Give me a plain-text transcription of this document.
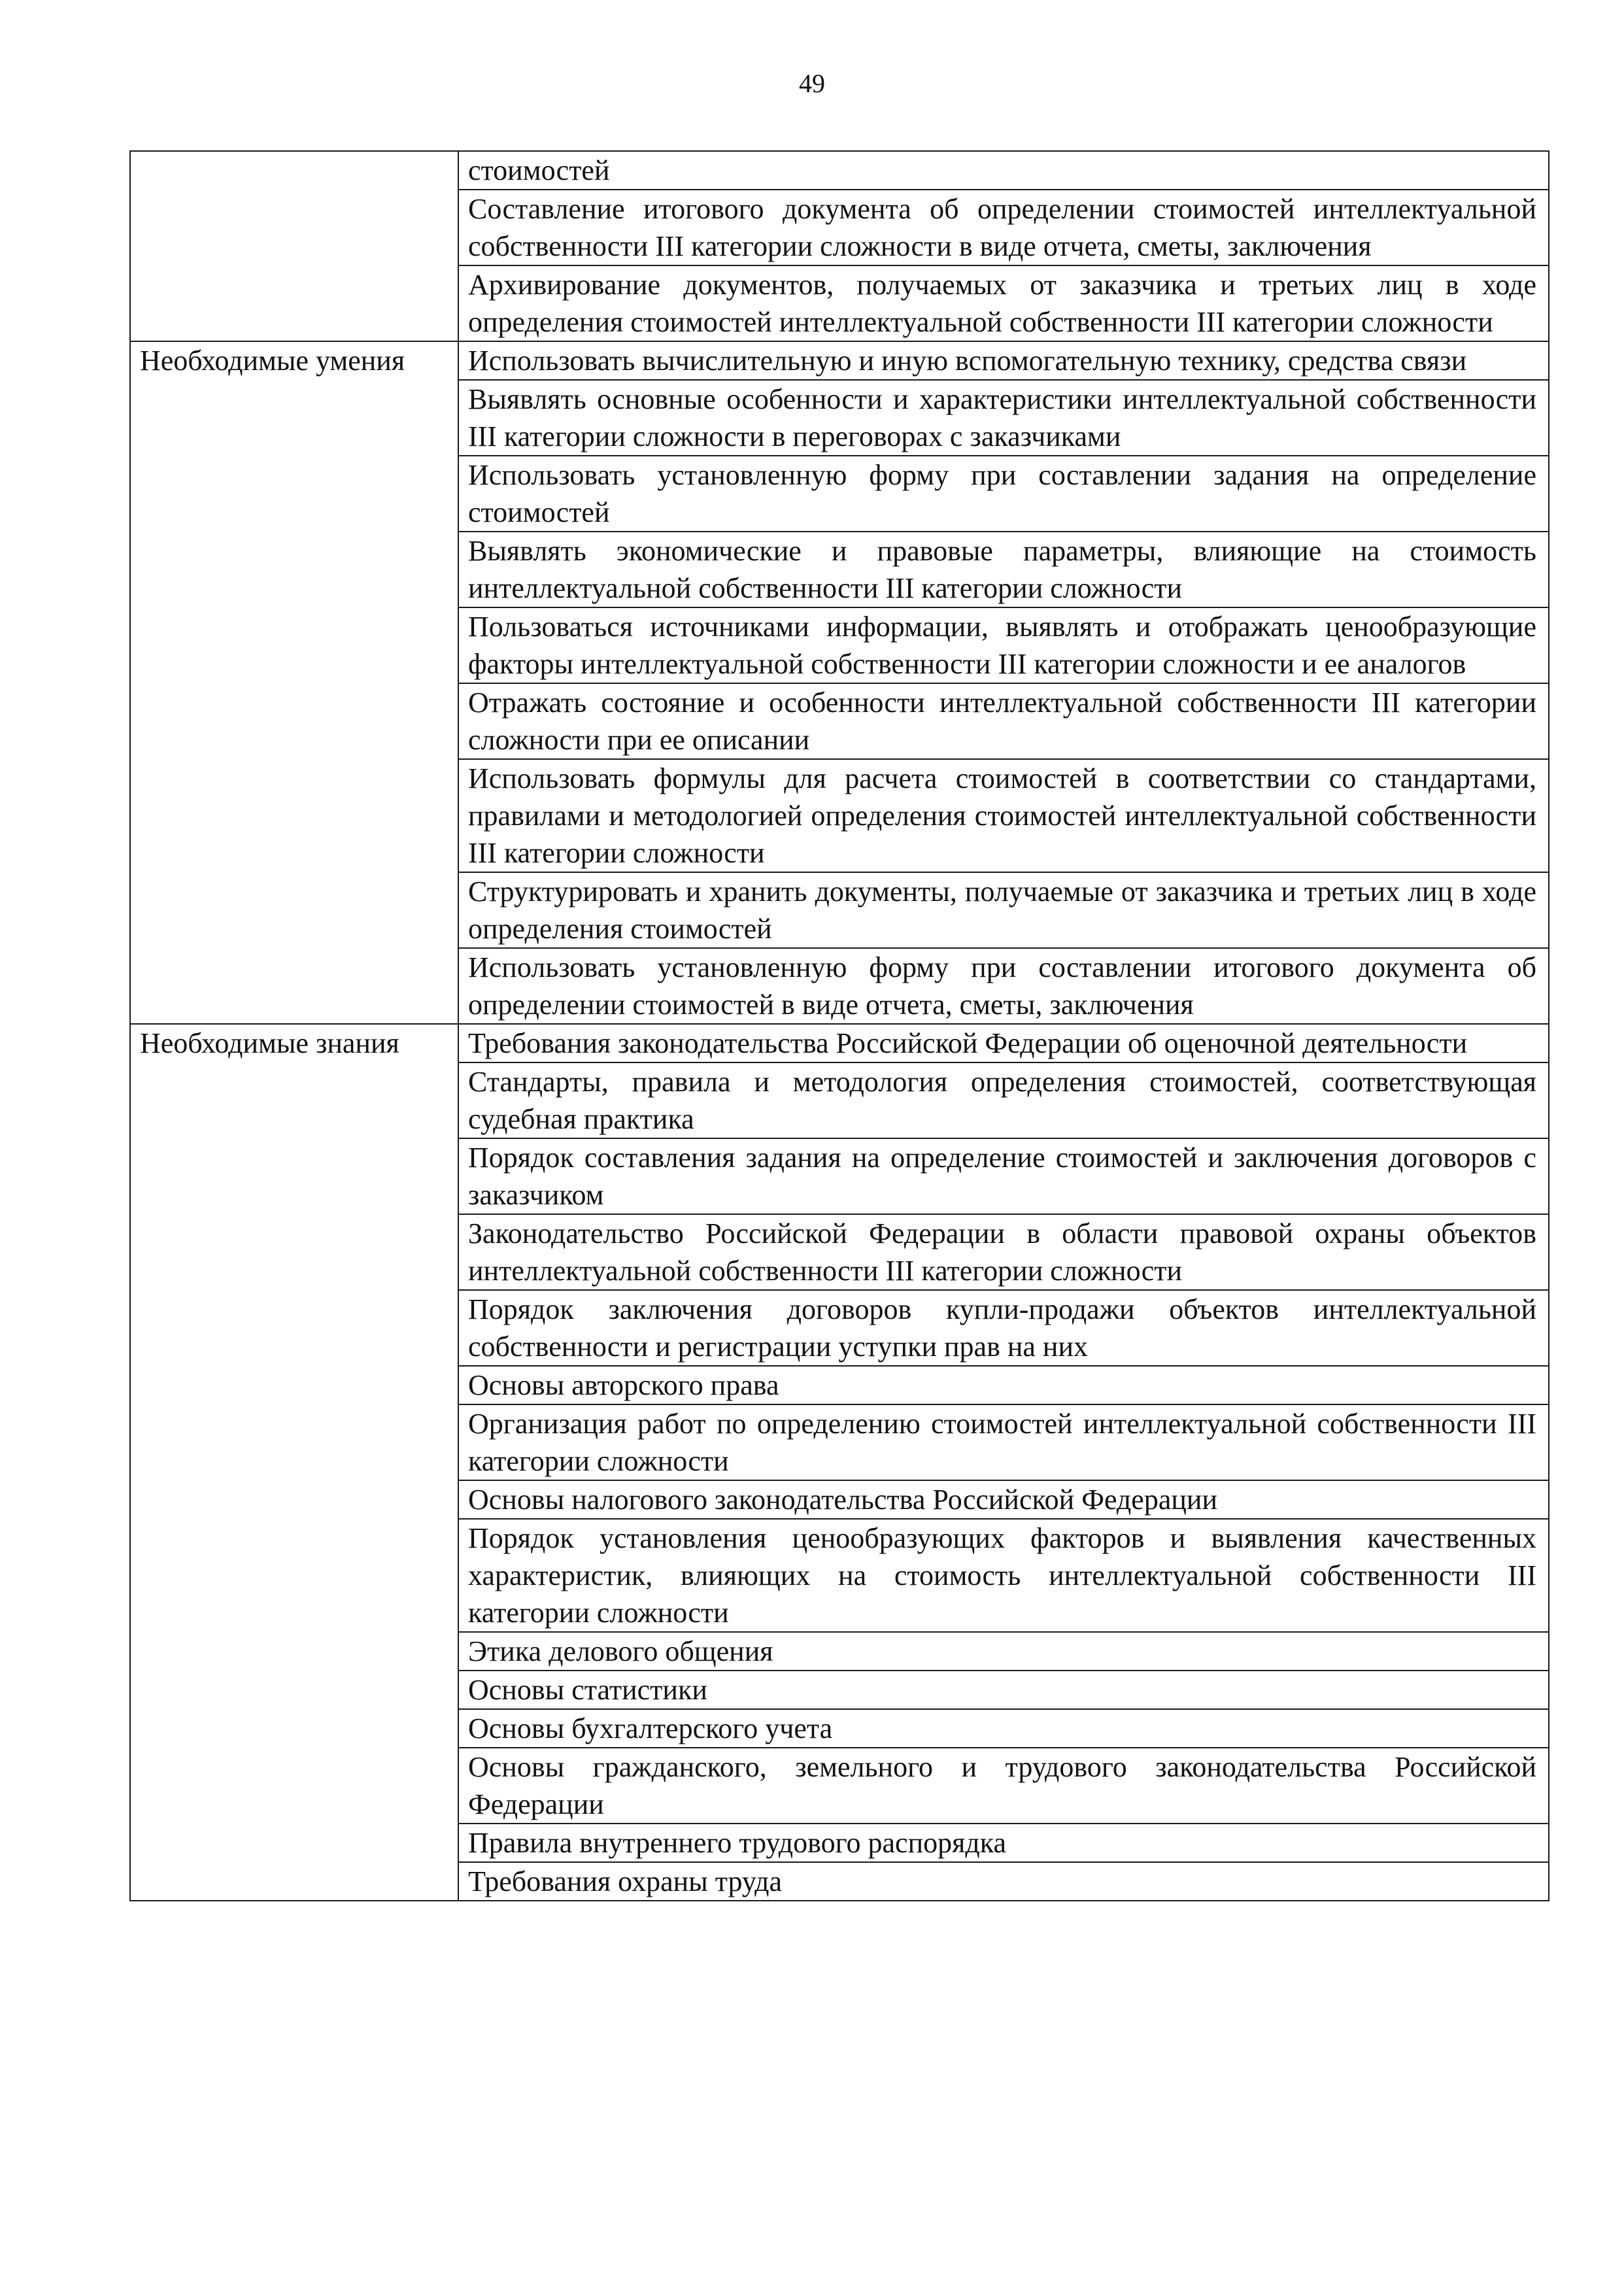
49
	стоимостей
	Составление итогового документа об определении стоимостей интеллектуальной собственности III категории сложности в виде отчета, сметы, заключения
	Архивирование документов, получаемых от заказчика и третьих лиц в ходе определения стоимостей интеллектуальной собственности III категории сложности
Необходимые умения	Использовать вычислительную и иную вспомогательную технику, средства связи
	Выявлять основные особенности и характеристики интеллектуальной собственности III категории сложности в переговорах с заказчиками
	Использовать установленную форму при составлении задания на определение стоимостей
	Выявлять экономические и правовые параметры, влияющие на стоимость интеллектуальной собственности III категории сложности
	Пользоваться источниками информации, выявлять и отображать ценообразующие факторы интеллектуальной собственности III категории сложности и ее аналогов
	Отражать состояние и особенности интеллектуальной собственности III категории сложности при ее описании
	Использовать формулы для расчета стоимостей в соответствии со стандартами, правилами и методологией определения стоимостей интеллектуальной собственности III категории сложности
	Структурировать и хранить документы, получаемые от заказчика и третьих лиц в ходе определения стоимостей
	Использовать установленную форму при составлении итогового документа об определении стоимостей в виде отчета, сметы, заключения
Необходимые знания	Требования законодательства Российской Федерации об оценочной деятельности
	Стандарты, правила и методология определения стоимостей, соответствующая судебная практика
	Порядок составления задания на определение стоимостей и заключения договоров с заказчиком
	Законодательство Российской Федерации в области правовой охраны объектов интеллектуальной собственности III категории сложности
	Порядок заключения договоров купли-продажи объектов интеллектуальной собственности и регистрации уступки прав на них
	Основы авторского права
	Организация работ по определению стоимостей интеллектуальной собственности III категории сложности
	Основы налогового законодательства Российской Федерации
	Порядок установления ценообразующих факторов и выявления качественных характеристик, влияющих на стоимость интеллектуальной собственности III категории сложности
	Этика делового общения
	Основы статистики
	Основы бухгалтерского учета
	Основы гражданского, земельного и трудового законодательства Российской Федерации
	Правила внутреннего трудового распорядка
	Требования охраны труда
